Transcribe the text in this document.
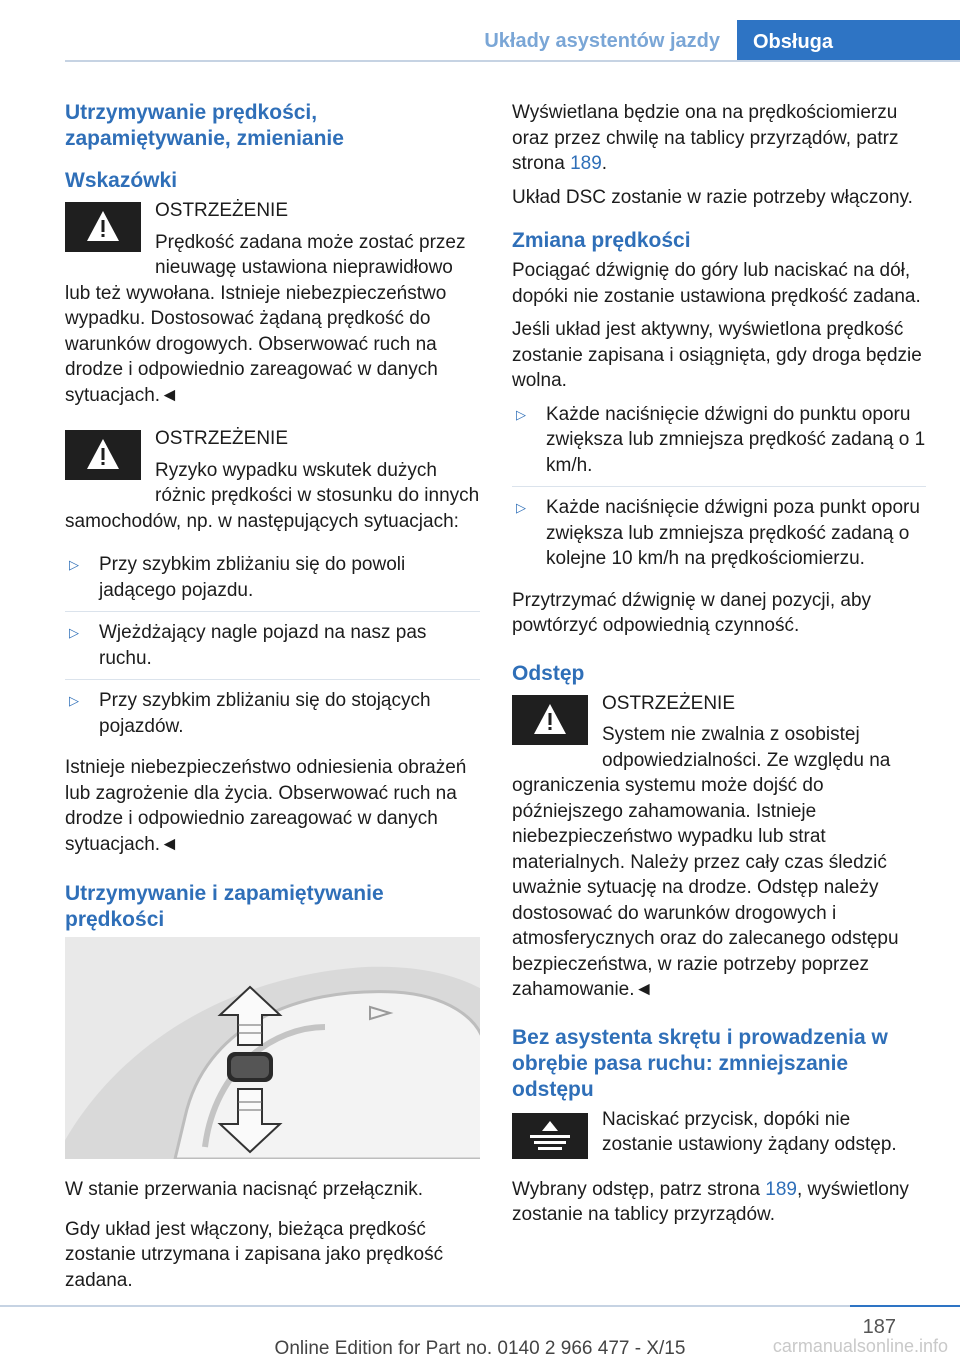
Układy asystentów jazdy	Obsługa
Utrzymywanie prędkości, zapamiętywanie, zmienianie
Wskazówki
OSTRZEŻENIE
Prędkość zadana może zostać przez nieuwagę ustawiona nieprawidłowo lub też wywołana. Istnieje niebezpieczeństwo wypadku. Dostosować żądaną prędkość do warunków drogowych. Obserwować ruch na drodze i odpowiednio zareagować w danych sytuacjach.◄
OSTRZEŻENIE
Ryzyko wypadku wskutek dużych różnic prędkości w stosunku do innych samochodów, np. w następujących sytuacjach:
▷ Przy szybkim zbliżaniu się do powoli jadącego pojazdu.
▷ Wjeżdżający nagle pojazd na nasz pas ruchu.
▷ Przy szybkim zbliżaniu się do stojących pojazdów.

Istnieje niebezpieczeństwo odniesienia obrażeń lub zagrożenie dla życia. Obserwować ruch na drodze i odpowiednio zareagować w danych sytuacjach.◄

Utrzymywanie i zapamiętywanie prędkości

W stanie przerwania nacisnąć przełącznik.

Gdy układ jest włączony, bieżąca prędkość zostanie utrzymana i zapisana jako prędkość zadana.

Wyświetlana będzie ona na prędkościomierzu oraz przez chwilę na tablicy przyrządów, patrz strona 189.

Układ DSC zostanie w razie potrzeby włączony.

Zmiana prędkości

Pociągać dźwignię do góry lub naciskać na dół, dopóki nie zostanie ustawiona prędkość zadana.

Jeśli układ jest aktywny, wyświetlona prędkość zostanie zapisana i osiągnięta, gdy droga będzie wolna.

▷ Każde naciśnięcie dźwigni do punktu oporu zwiększa lub zmniejsza prędkość zadaną o 1 km/h.
▷ Każde naciśnięcie dźwigni poza punkt oporu zwiększa lub zmniejsza prędkość zadaną o kolejne 10 km/h na prędkościomierzu.

Przytrzymać dźwignię w danej pozycji, aby powtórzyć odpowiednią czynność.

Odstęp
OSTRZEŻENIE
System nie zwalnia z osobistej odpowiedzialności. Ze względu na ograniczenia systemu może dojść do późniejszego zahamowania. Istnieje niebezpieczeństwo wypadku lub strat materialnych. Należy przez cały czas śledzić uważnie sytuację na drodze. Odstęp należy dostosować do warunków drogowych i atmosferycznych oraz do zalecanego odstępu bezpieczeństwa, w razie potrzeby poprzez zahamowanie.◄
Bez asystenta skrętu i prowadzenia w obrębie pasa ruchu: zmniejszanie odstępu
Naciskać przycisk, dopóki nie zostanie ustawiony żądany odstęp.

Wybrany odstęp, patrz strona 189, wyświetlony zostanie na tablicy przyrządów.

187
Online Edition for Part no. 0140 2 966 477 - X/15	carmanualsonline.info
